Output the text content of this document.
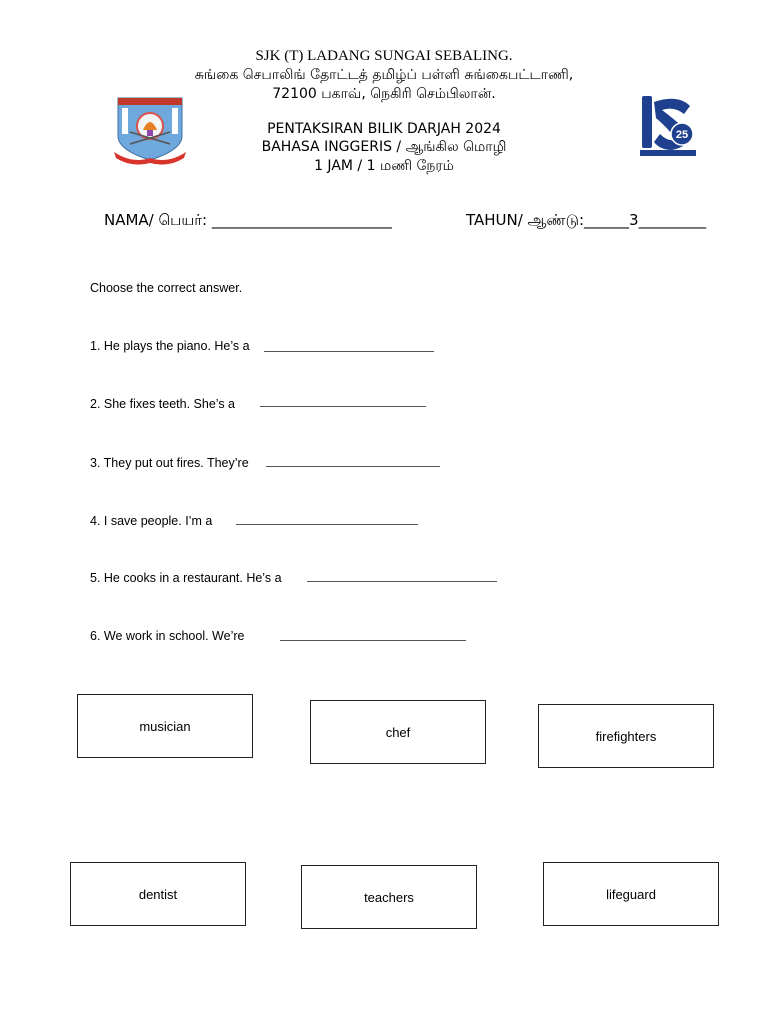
SJK (T) LADANG SUNGAI SEBALING.
சுங்கை செபாலிங் தோட்டத் தமிழ்ப் பள்ளி சுங்கைபட்டாணி,
72100 பகாவ், நெகிரி செம்பிலான்.
PENTAKSIRAN BILIK DARJAH 2024
BAHASA INGGERIS / ஆங்கில மொழி
1 JAM / 1 மணி நேரம்
25
NAMA/ பெயர்: ________________________	TAHUN/ ஆண்டு:______3_________
Choose the correct answer.
1. He plays the piano. He’s a
2. She fixes teeth. She’s a
3. They put out fires. They’re
4. I save people. I’m a
5. He cooks in a restaurant. He’s a
6. We work in school. We’re
musician	chef	firefighters
dentist	teachers	lifeguard
